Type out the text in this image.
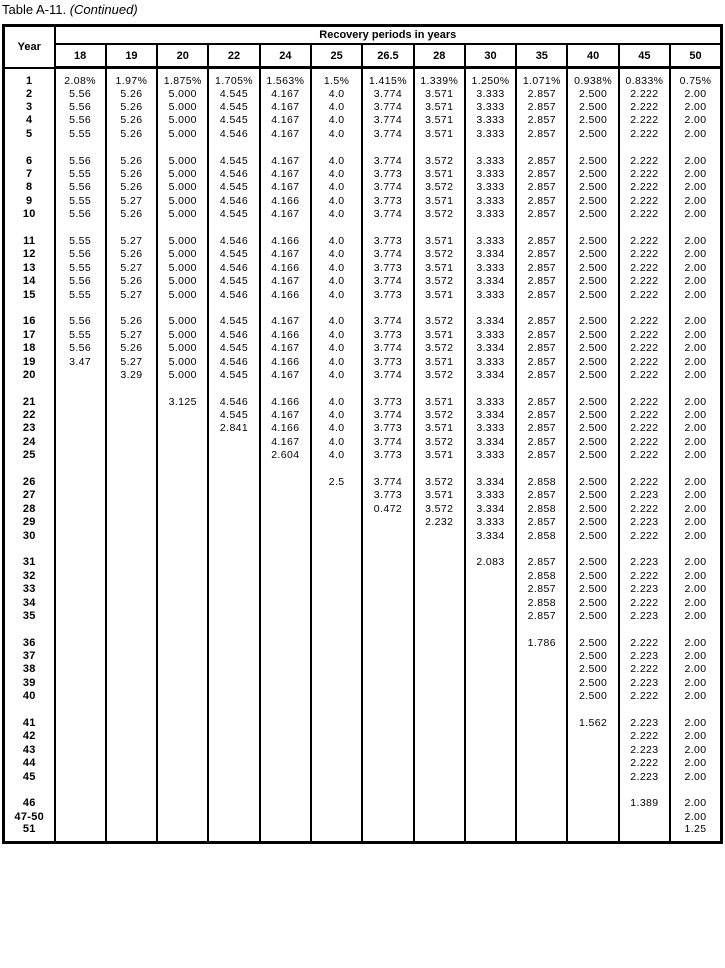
Table A-11. (Continued)
Year	Recovery periods in years												
	18	19	20	22	24	25	26.5	28	30	35	40	45	50
1	2.08%	1.97%	1.875%	1.705%	1.563%	1.5%	1.415%	1.339%	1.250%	1.071%	0.938%	0.833%	0.75%
2	5.56	5.26	5.000	4.545	4.167	4.0	3.774	3.571	3.333	2.857	2.500	2.222	2.00
3	5.56	5.26	5.000	4.545	4.167	4.0	3.774	3.571	3.333	2.857	2.500	2.222	2.00
4	5.56	5.26	5.000	4.545	4.167	4.0	3.774	3.571	3.333	2.857	2.500	2.222	2.00
5	5.55	5.26	5.000	4.546	4.167	4.0	3.774	3.571	3.333	2.857	2.500	2.222	2.00

6	5.56	5.26	5.000	4.545	4.167	4.0	3.774	3.572	3.333	2.857	2.500	2.222	2.00
7	5.55	5.26	5.000	4.546	4.167	4.0	3.773	3.571	3.333	2.857	2.500	2.222	2.00
8	5.56	5.26	5.000	4.545	4.167	4.0	3.774	3.572	3.333	2.857	2.500	2.222	2.00
9	5.55	5.27	5.000	4.546	4.166	4.0	3.773	3.571	3.333	2.857	2.500	2.222	2.00
10	5.56	5.26	5.000	4.545	4.167	4.0	3.774	3.572	3.333	2.857	2.500	2.222	2.00

11	5.55	5.27	5.000	4.546	4.166	4.0	3.773	3.571	3.333	2.857	2.500	2.222	2.00
12	5.56	5.26	5.000	4.545	4.167	4.0	3.774	3.572	3.334	2.857	2.500	2.222	2.00
13	5.55	5.27	5.000	4.546	4.166	4.0	3.773	3.571	3.333	2.857	2.500	2.222	2.00
14	5.56	5.26	5.000	4.545	4.167	4.0	3.774	3.572	3.334	2.857	2.500	2.222	2.00
15	5.55	5.27	5.000	4.546	4.166	4.0	3.773	3.571	3.333	2.857	2.500	2.222	2.00

16	5.56	5.26	5.000	4.545	4.167	4.0	3.774	3.572	3.334	2.857	2.500	2.222	2.00
17	5.55	5.27	5.000	4.546	4.166	4.0	3.773	3.571	3.333	2.857	2.500	2.222	2.00
18	5.56	5.26	5.000	4.545	4.167	4.0	3.774	3.572	3.334	2.857	2.500	2.222	2.00
19	3.47	5.27	5.000	4.546	4.166	4.0	3.773	3.571	3.333	2.857	2.500	2.222	2.00
20		3.29	5.000	4.545	4.167	4.0	3.774	3.572	3.334	2.857	2.500	2.222	2.00

21			3.125	4.546	4.166	4.0	3.773	3.571	3.333	2.857	2.500	2.222	2.00
22				4.545	4.167	4.0	3.774	3.572	3.334	2.857	2.500	2.222	2.00
23				2.841	4.166	4.0	3.773	3.571	3.333	2.857	2.500	2.222	2.00
24					4.167	4.0	3.774	3.572	3.334	2.857	2.500	2.222	2.00
25					2.604	4.0	3.773	3.571	3.333	2.857	2.500	2.222	2.00

26						2.5	3.774	3.572	3.334	2.858	2.500	2.222	2.00
27							3.773	3.571	3.333	2.857	2.500	2.223	2.00
28							0.472	3.572	3.334	2.858	2.500	2.222	2.00
29								2.232	3.333	2.857	2.500	2.223	2.00
30									3.334	2.858	2.500	2.222	2.00

31									2.083	2.857	2.500	2.223	2.00
32										2.858	2.500	2.222	2.00
33										2.857	2.500	2.223	2.00
34										2.858	2.500	2.222	2.00
35										2.857	2.500	2.223	2.00

36										1.786	2.500	2.222	2.00
37											2.500	2.223	2.00
38											2.500	2.222	2.00
39											2.500	2.223	2.00
40											2.500	2.222	2.00

41											1.562	2.223	2.00
42												2.222	2.00
43												2.223	2.00
44												2.222	2.00
45												2.223	2.00

46												1.389	2.00
47-50													2.00
51													1.25
